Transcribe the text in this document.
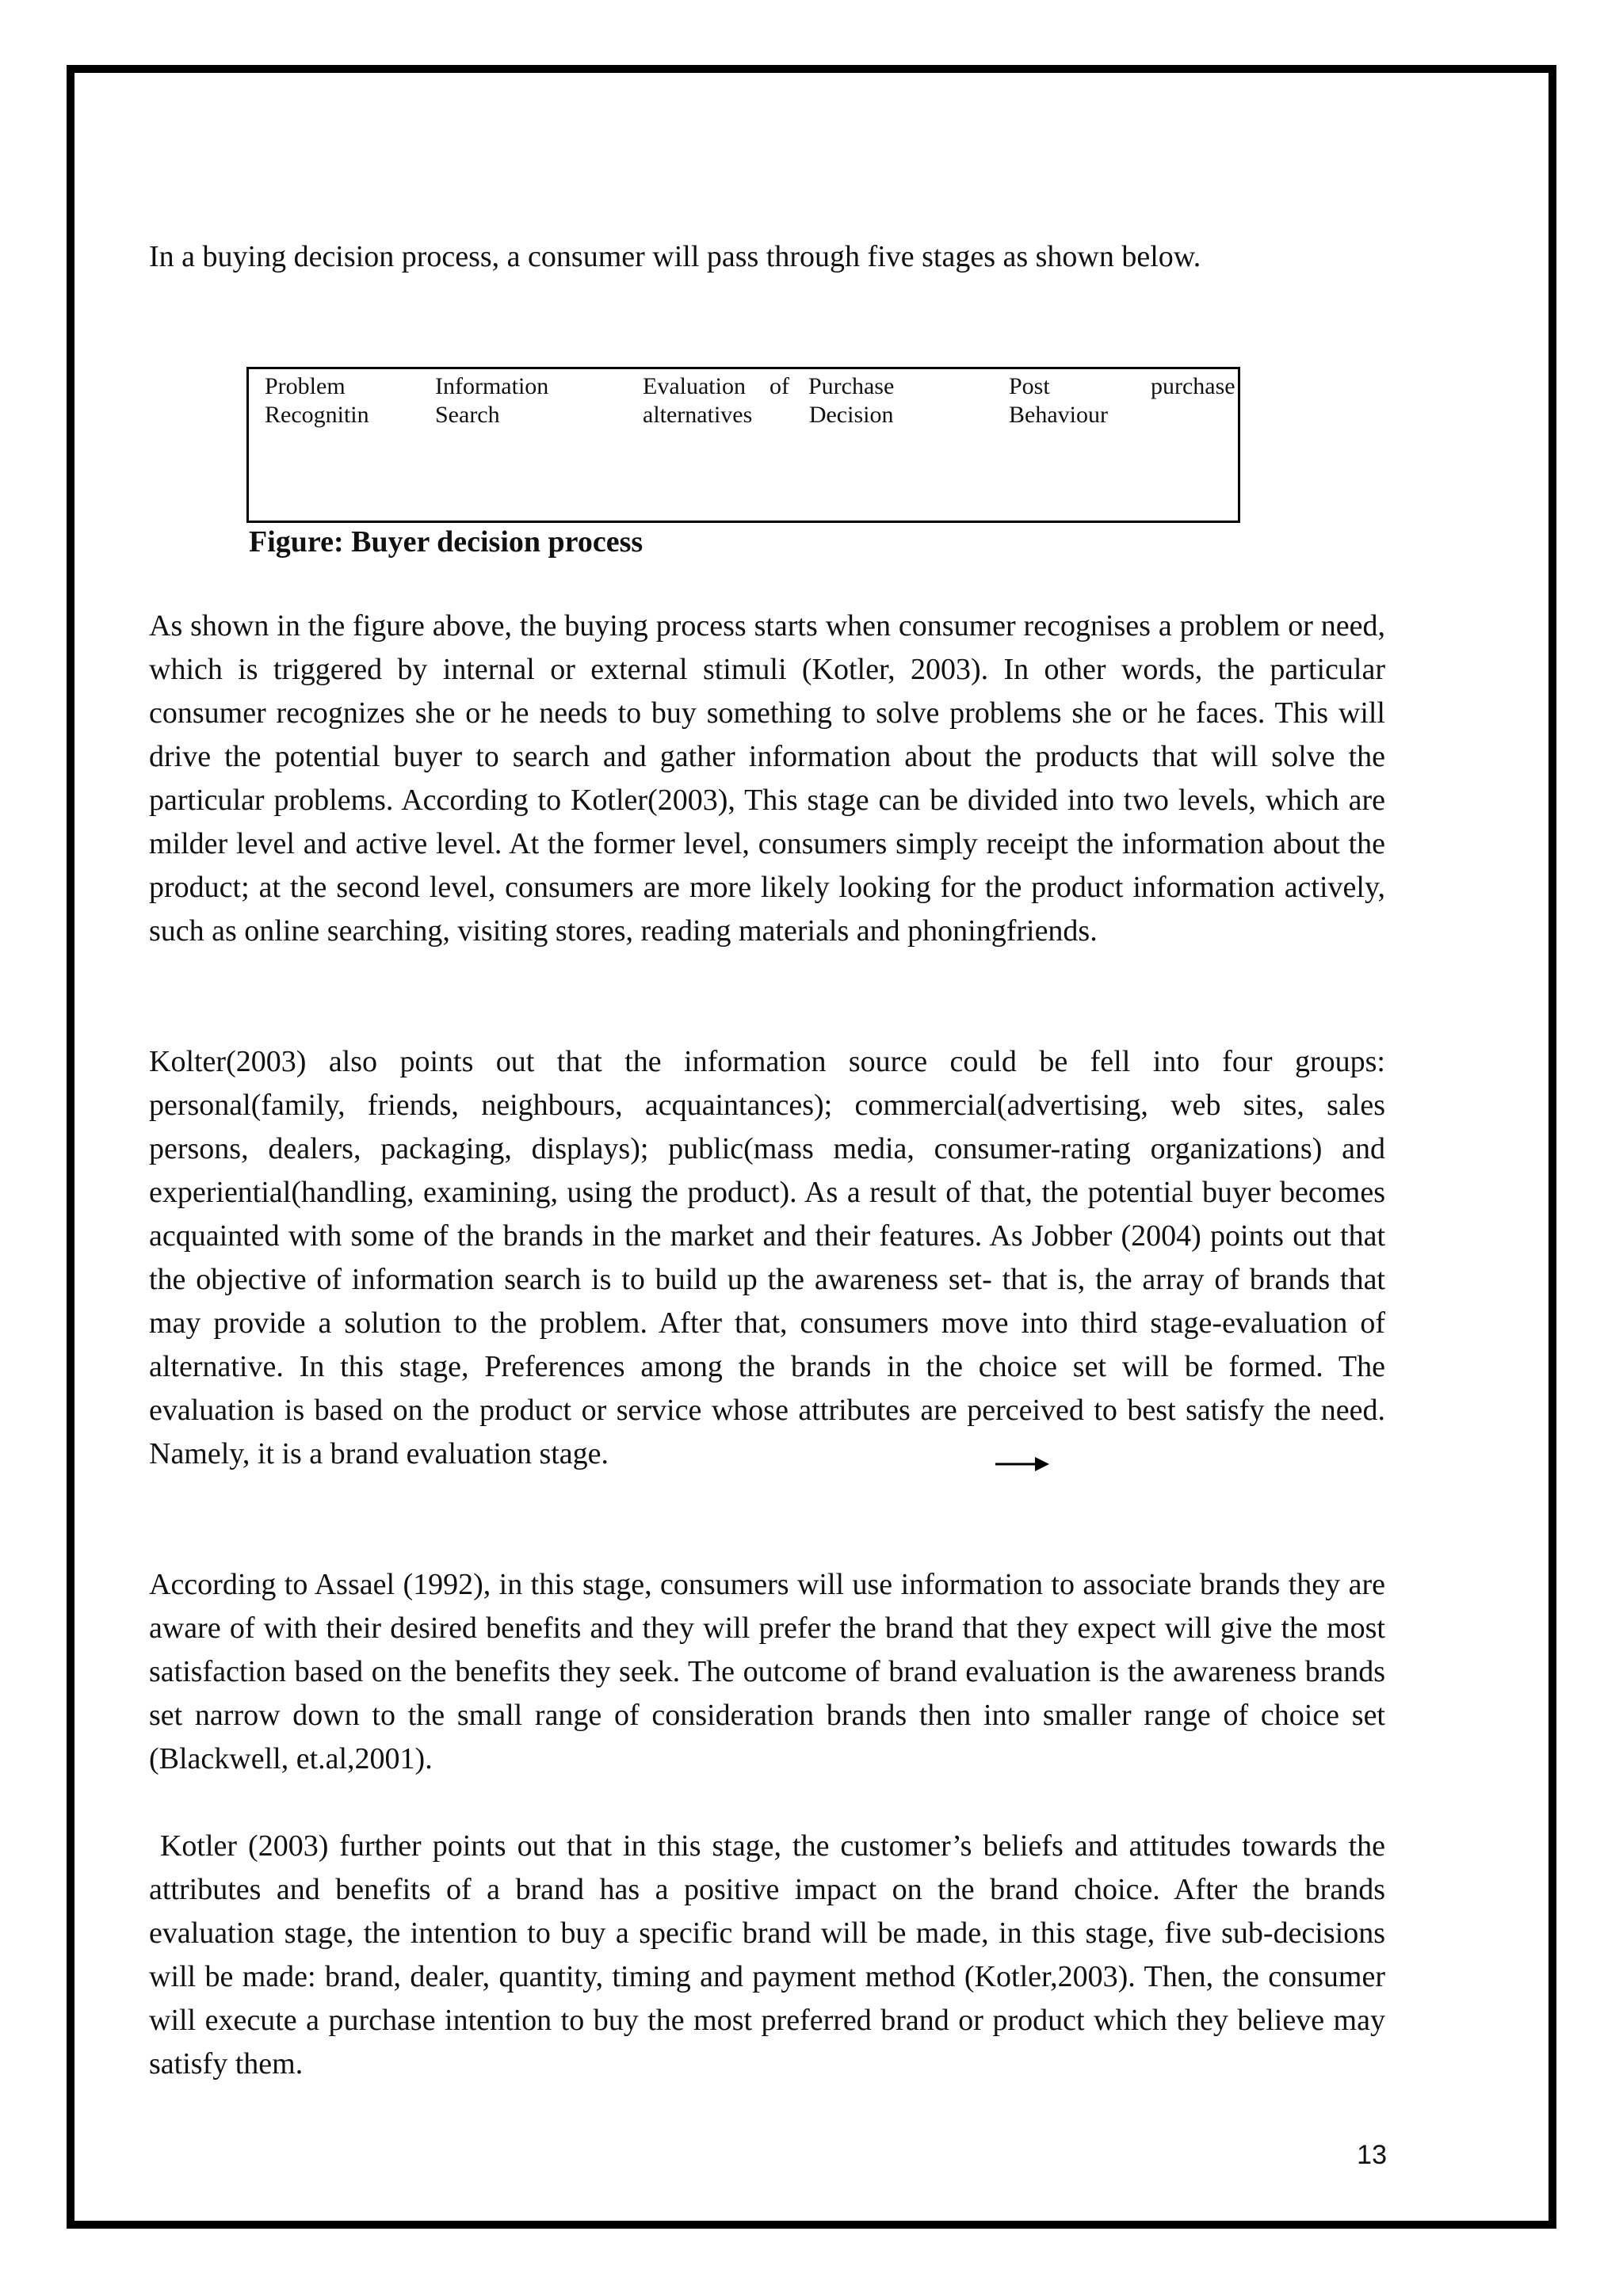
In a buying decision process, a consumer will pass through five stages as shown below.

Problem
Recognitin
Information
Search
Evaluation    of
alternatives
Purchase
Decision
Post
Behaviour
purchase

Figure: Buyer decision process

As shown in the figure above, the buying process starts when consumer recognises a problem or need, which is triggered by internal or external stimuli (Kotler, 2003). In other words, the particular consumer recognizes she or he needs to buy something to solve problems she or he faces. This will drive the potential buyer to search and gather information about the products that will solve the particular problems. According to Kotler(2003), This stage can be divided into two levels, which are milder level and active level. At the former level, consumers simply receipt the information about the product; at the second level, consumers are more likely looking for the product information actively, such as online searching, visiting stores, reading materials and phoningfriends.

Kolter(2003) also points out that the information source could be fell into four groups: personal(family, friends, neighbours, acquaintances); commercial(advertising, web sites, sales persons, dealers, packaging, displays); public(mass media, consumer-rating organizations) and experiential(handling, examining, using the product). As a result of that, the potential buyer becomes acquainted with some of the brands in the market and their features. As Jobber (2004) points out that the objective of information search is to build up the awareness set- that is, the array of brands that may provide a solution to the problem. After that, consumers move into third stage-evaluation of alternative. In this stage, Preferences among the brands in the choice set will be formed. The evaluation is based on the product or service whose attributes are perceived to best satisfy the need. Namely, it is a brand evaluation stage.

According to Assael (1992), in this stage, consumers will use information to associate brands they are aware of with their desired benefits and they will prefer the brand that they expect will give the most satisfaction based on the benefits they seek. The outcome of brand evaluation is the awareness brands set narrow down to the small range of consideration brands then into smaller range of choice set (Blackwell, et.al,2001).

Kotler (2003) further points out that in this stage, the customer’s beliefs and attitudes towards the attributes and benefits of a brand has a positive impact on the brand choice. After the brands evaluation stage, the intention to buy a specific brand will be made, in this stage, five sub-decisions will be made: brand, dealer, quantity, timing and payment method (Kotler,2003). Then, the consumer will execute a purchase intention to buy the most preferred brand or product which they believe may satisfy them.

13
